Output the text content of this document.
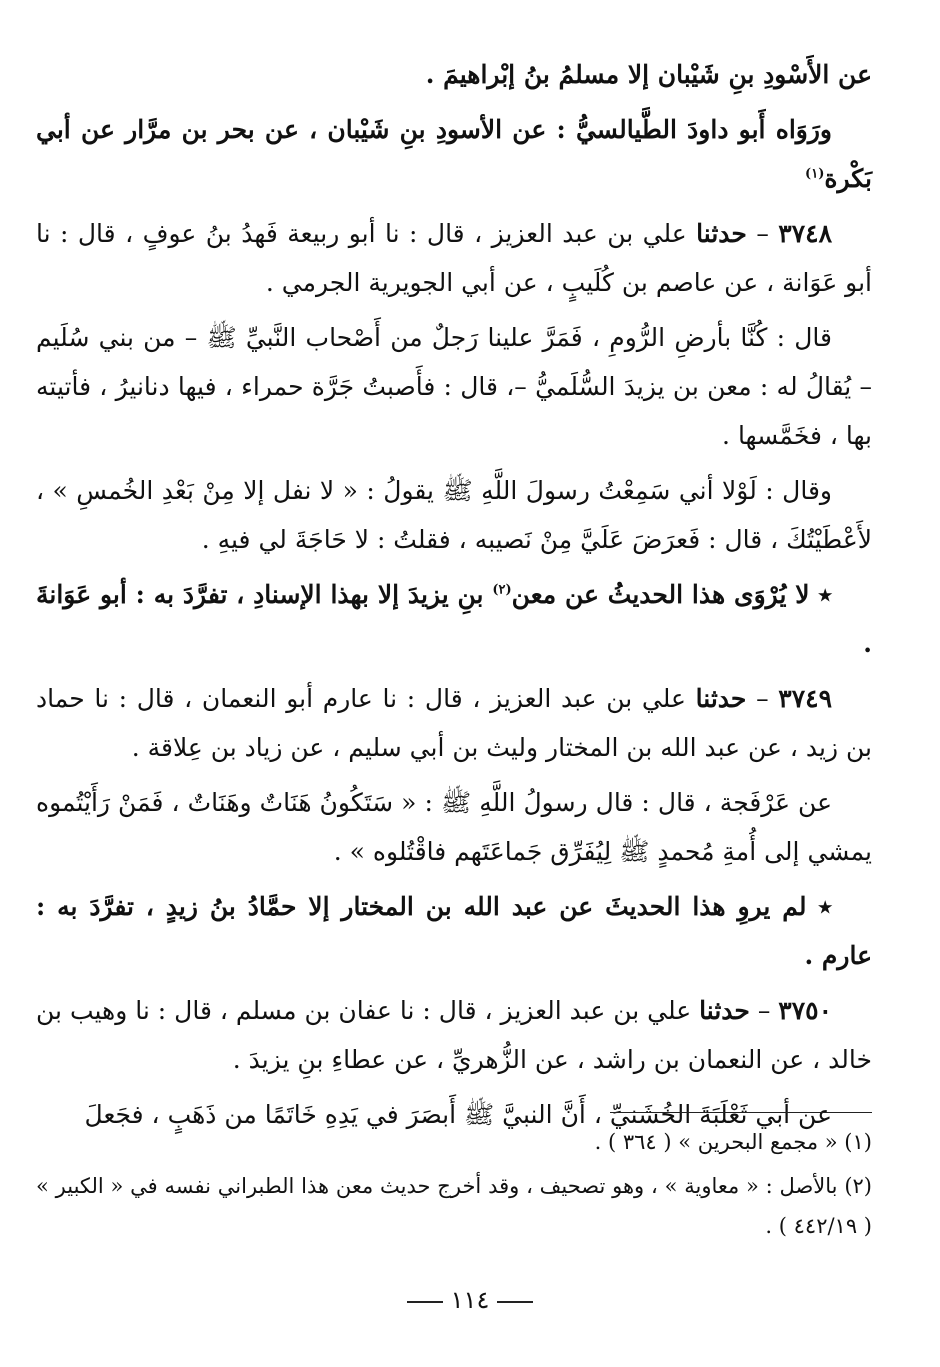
عن الأَسْودِ بنِ شَيْبان إلا مسلمُ بنُ إبْراهيمَ .

ورَوَاه أَبو داودَ الطَّيالسيُّ : عن الأسودِ بنِ شَيْبان ، عن بحر بن مرَّار عن أبي بَكْرة$^{(١)}$

٣٧٤٨ – حدثنا علي بن عبد العزيز ، قال : نا أبو ربيعة فَهدُ بنُ عوفٍ ، قال : نا أبو عَوَانة ، عن عاصم بن كُلَيبٍ ، عن أبي الجويرية الجرمي .

قال : كُنَّا بأرضِ الرُّومِ ، فَمَرَّ علينا رَجلٌ من أَصْحاب النَّبيِّ ﷺ – من بني سُلَيم – يُقالُ له : معن بن يزيدَ السُّلَميُّ –، قال : فأَصبتُ جَرَّة حمراء ، فيها دنانيرُ ، فأتيته بها ، فخَمَّسها .

وقال : لَوْلا أني سَمِعْتُ رسولَ اللَّهِ ﷺ يقولُ : « لا نفل إلا مِنْ بَعْدِ الخُمسِ » ، لأَعْطَيْتُكَ ، قال : فَعرَضَ عَلَيَّ مِنْ نَصيبه ، فقلتُ : لا حَاجَةَ لي فيهِ .

٭ لا يُرْوَى هذا الحديثُ عن معن$^{(٢)}$ بنِ يزيدَ إلا بهذا الإسنادِ ، تفرَّدَ به : أبو عَوَانةَ .

٣٧٤٩ – حدثنا علي بن عبد العزيز ، قال : نا عارم أبو النعمان ، قال : نا حماد بن زيد ، عن عبد الله بن المختار وليث بن أبي سليم ، عن زياد بن عِلاقة .

عن عَرْفَجة ، قال : قال رسولُ اللَّهِ ﷺ : « سَتَكُونُ هَنَاتٌ وهَنَاتٌ ، فَمَنْ رَأَيْتُموه يمشي إلى أُمةِ مُحمدٍ ﷺ لِيُفَرِّق جَماعَتَهم فاقْتُلوه » .

٭ لم يروِ هذا الحديثَ عن عبد الله بن المختار إلا حمَّادُ بنُ زيدٍ ، تفرَّدَ به : عارم .

٣٧٥٠ – حدثنا علي بن عبد العزيز ، قال : نا عفان بن مسلم ، قال : نا وهيب بن خالد ، عن النعمان بن راشد ، عن الزُّهريِّ ، عن عطاءِ بنِ يزيدَ .

عن أبي ثَعْلَبَةَ الخُشَنيِّ ، أَنَّ النبيَّ ﷺ أَبصَرَ في يَدِهِ خَاتَمًا من ذَهَبٍ ، فجَعلَ

(١) « مجمع البحرين » ( ٣٦٤ ) .

(٢) بالأصل : « معاوية » ، وهو تصحيف ، وقد أخرج حديث معن هذا الطبراني نفسه في « الكبير » ( ٤٤٢/١٩ ) .

١١٤
